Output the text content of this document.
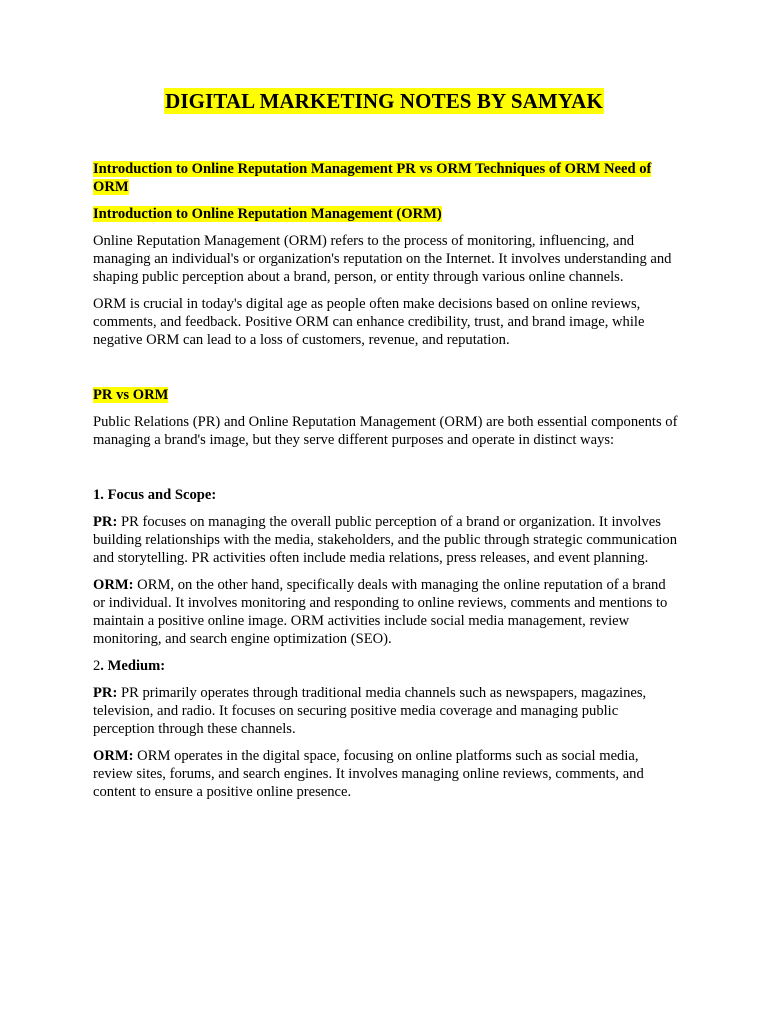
DIGITAL MARKETING NOTES BY SAMYAK

Introduction to Online Reputation Management PR vs ORM Techniques of ORM Need of ORM

Introduction to Online Reputation Management (ORM)

Online Reputation Management (ORM) refers to the process of monitoring, influencing, and managing an individual's or organization's reputation on the Internet. It involves understanding and shaping public perception about a brand, person, or entity through various online channels.

ORM is crucial in today's digital age as people often make decisions based on online reviews, comments, and feedback. Positive ORM can enhance credibility, trust, and brand image, while negative ORM can lead to a loss of customers, revenue, and reputation.

PR vs ORM

Public Relations (PR) and Online Reputation Management (ORM) are both essential components of managing a brand's image, but they serve different purposes and operate in distinct ways:

1. Focus and Scope:

PR: PR focuses on managing the overall public perception of a brand or organization. It involves building relationships with the media, stakeholders, and the public through strategic communication and storytelling. PR activities often include media relations, press releases, and event planning.

ORM: ORM, on the other hand, specifically deals with managing the online reputation of a brand or individual. It involves monitoring and responding to online reviews, comments and mentions to maintain a positive online image. ORM activities include social media management, review monitoring, and search engine optimization (SEO).

2. Medium:

PR: PR primarily operates through traditional media channels such as newspapers, magazines, television, and radio. It focuses on securing positive media coverage and managing public perception through these channels.

ORM: ORM operates in the digital space, focusing on online platforms such as social media, review sites, forums, and search engines. It involves managing online reviews, comments, and content to ensure a positive online presence.
